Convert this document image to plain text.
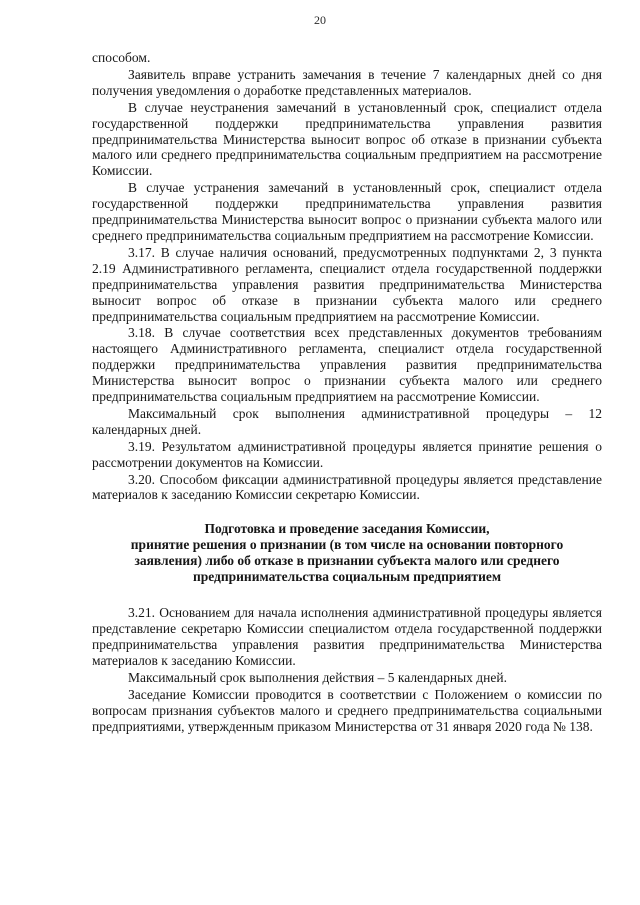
20

способом.

Заявитель вправе устранить замечания в течение 7 календарных дней со дня получения уведомления о доработке представленных материалов.

В случае неустранения замечаний в установленный срок, специалист отдела государственной поддержки предпринимательства управления развития предпринимательства Министерства выносит вопрос об отказе в признании субъекта малого или среднего предпринимательства социальным предприятием на рассмотрение Комиссии.

В случае устранения замечаний в установленный срок, специалист отдела государственной поддержки предпринимательства управления развития предпринимательства Министерства выносит вопрос о признании субъекта малого или среднего предпринимательства социальным предприятием на рассмотрение Комиссии.

3.17. В случае наличия оснований, предусмотренных подпунктами 2, 3 пункта 2.19 Административного регламента, специалист отдела государственной поддержки предпринимательства управления развития предпринимательства Министерства выносит вопрос об отказе в признании субъекта малого или среднего предпринимательства социальным предприятием на рассмотрение Комиссии.

3.18. В случае соответствия всех представленных документов требованиям настоящего Административного регламента, специалист отдела государственной поддержки предпринимательства управления развития предпринимательства Министерства выносит вопрос о признании субъекта малого или среднего предпринимательства социальным предприятием на рассмотрение Комиссии.

Максимальный срок выполнения административной процедуры – 12 календарных дней.

3.19. Результатом административной процедуры является принятие решения о рассмотрении документов на Комиссии.

3.20. Способом фиксации административной процедуры является представление материалов к заседанию Комиссии секретарю Комиссии.

Подготовка и проведение заседания Комиссии,
принятие решения о признании (в том числе на основании повторного
заявления) либо об отказе в признании субъекта малого или среднего
предпринимательства социальным предприятием

3.21. Основанием для начала исполнения административной процедуры является представление секретарю Комиссии специалистом отдела государственной поддержки предпринимательства управления развития предпринимательства Министерства материалов к заседанию Комиссии.

Максимальный срок выполнения действия – 5 календарных дней.

Заседание Комиссии проводится в соответствии с Положением о комиссии по вопросам признания субъектов малого и среднего предпринимательства социальными предприятиями, утвержденным приказом Министерства от 31 января 2020 года № 138.
